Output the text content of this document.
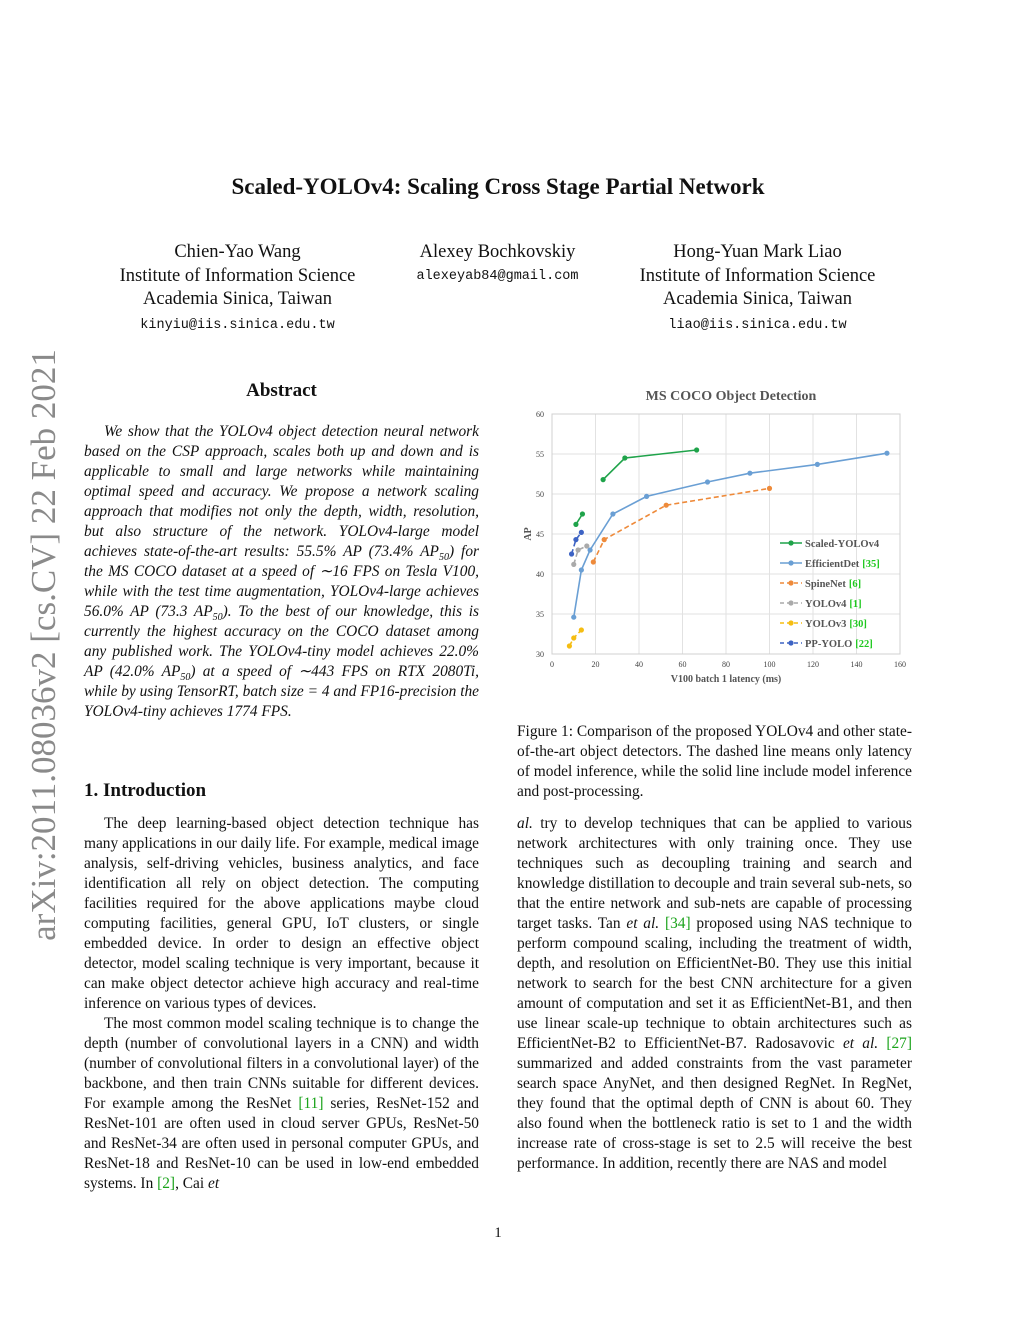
arXiv:2011.08036v2 [cs.CV] 22 Feb 2021
Scaled-YOLOv4: Scaling Cross Stage Partial Network
Chien-Yao Wang
Institute of Information Science
Academia Sinica, Taiwan
kinyiu@iis.sinica.edu.tw
Alexey Bochkovskiy
alexeyab84@gmail.com
Hong-Yuan Mark Liao
Institute of Information Science
Academia Sinica, Taiwan
liao@iis.sinica.edu.tw
Abstract
We show that the YOLOv4 object detection neural network based on the CSP approach, scales both up and down and is applicable to small and large networks while maintaining optimal speed and accuracy. We propose a network scaling approach that modifies not only the depth, width, resolution, but also structure of the network. YOLOv4-large model achieves state-of-the-art results: 55.5% AP (73.4% $AP_{50}$) for the MS COCO dataset at a speed of ∼16 FPS on Tesla V100, while with the test time augmentation, YOLOv4-large achieves 56.0% AP (73.3 $AP_{50}$). To the best of our knowledge, this is currently the highest accuracy on the COCO dataset among any published work. The YOLOv4-tiny model achieves 22.0% AP (42.0% $AP_{50}$) at a speed of ∼443 FPS on RTX 2080Ti, while by using TensorRT, batch size = 4 and FP16-precision the YOLOv4-tiny achieves 1774 FPS.
1. Introduction
The deep learning-based object detection technique has many applications in our daily life. For example, medical image analysis, self-driving vehicles, business analytics, and face identification all rely on object detection. The computing facilities required for the above applications maybe cloud computing facilities, general GPU, IoT clusters, or single embedded device. In order to design an effective object detector, model scaling technique is very important, because it can make object detector achieve high accuracy and real-time inference on various types of devices.
The most common model scaling technique is to change the depth (number of convolutional layers in a CNN) and width (number of convolutional filters in a convolutional layer) of the backbone, and then train CNNs suitable for different devices. For example among the ResNet [11] series, ResNet-152 and ResNet-101 are often used in cloud server GPUs, ResNet-50 and ResNet-34 are often used in personal computer GPUs, and ResNet-18 and ResNet-10 can be used in low-end embedded systems. In [2], Cai et
al. try to develop techniques that can be applied to various network architectures with only training once. They use techniques such as decoupling training and search and knowledge distillation to decouple and train several sub-nets, so that the entire network and sub-nets are capable of processing target tasks. Tan et al. [34] proposed using NAS technique to perform compound scaling, including the treatment of width, depth, and resolution on EfficientNet-B0. They use this initial network to search for the best CNN architecture for a given amount of computation and set it as EfficientNet-B1, and then use linear scale-up technique to obtain architectures such as EfficientNet-B2 to EfficientNet-B7. Radosavovic et al. [27] summarized and added constraints from the vast parameter search space AnyNet, and then designed RegNet. In RegNet, they found that the optimal depth of CNN is about 60. They also found when the bottleneck ratio is set to 1 and the width increase rate of cross-stage is set to 2.5 will receive the best performance. In addition, recently there are NAS and model
MS COCO Object Detection
0	20	40	60	80	100	120	140	160
30
35
40
45
50
55
60
V100 batch 1 latency (ms)
AP
Scaled-YOLOv4
EfficientDet [35]
SpineNet [6]
YOLOv4 [1]
YOLOv3 [30]
PP-YOLO [22]
Figure 1: Comparison of the proposed YOLOv4 and other state-of-the-art object detectors. The dashed line means only latency of model inference, while the solid line include model inference and post-processing.
1
